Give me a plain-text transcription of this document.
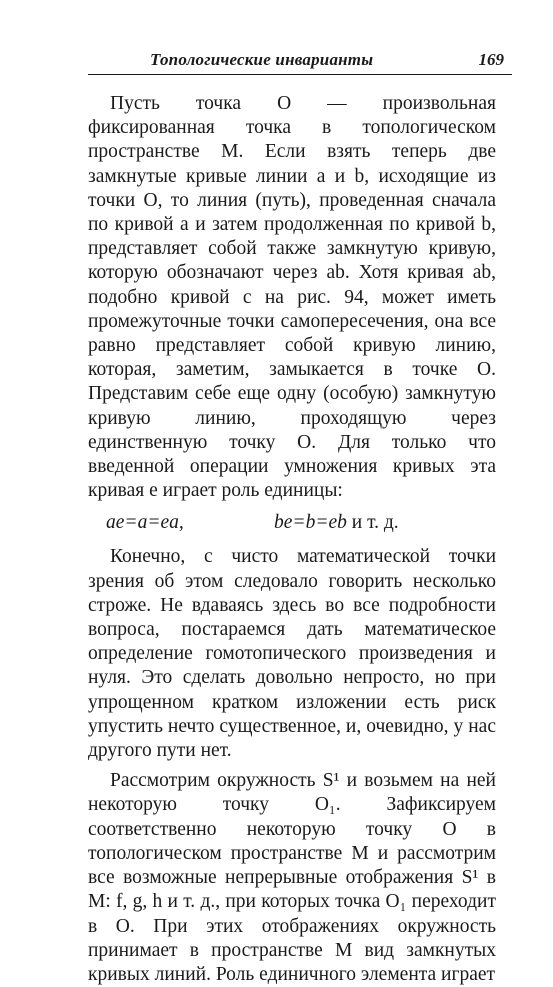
Топологические инварианты	169

Пусть точка O — произвольная фиксированная точка в топологическом пространстве M. Если взять теперь две замкнутые кривые линии a и b, исходящие из точки O, то линия (путь), проведенная сначала по кривой a и затем продолженная по кривой b, представляет собой также замкнутую кривую, которую обозначают через ab. Хотя кривая ab, подобно кривой c на рис. 94, может иметь промежуточные точки самопересечения, она все равно представляет собой кривую линию, которая, заметим, замыкается в точке O. Представим себе еще одну (особую) замкнутую кривую линию, проходящую через единственную точку O. Для только что введенной операции умножения кривых эта кривая e играет роль единицы:

ae=a=ea,	be=b=eb и т. д.

Конечно, с чисто математической точки зрения об этом следовало говорить несколько строже. Не вдаваясь здесь во все подробности вопроса, постараемся дать математическое определение гомотопического произведения и нуля. Это сделать довольно непросто, но при упрощенном кратком изложении есть риск упустить нечто существенное, и, очевидно, у нас другого пути нет.

Рассмотрим окружность S¹ и возьмем на ней некоторую точку O₁. Зафиксируем соответственно некоторую точку O в топологическом пространстве M и рассмотрим все возможные непрерывные отображения S¹ в M: f, g, h и т. д., при которых точка O₁ переходит в O. При этих отображениях окружность принимает в пространстве M вид замкнутых кривых линий. Роль единичного элемента играет
